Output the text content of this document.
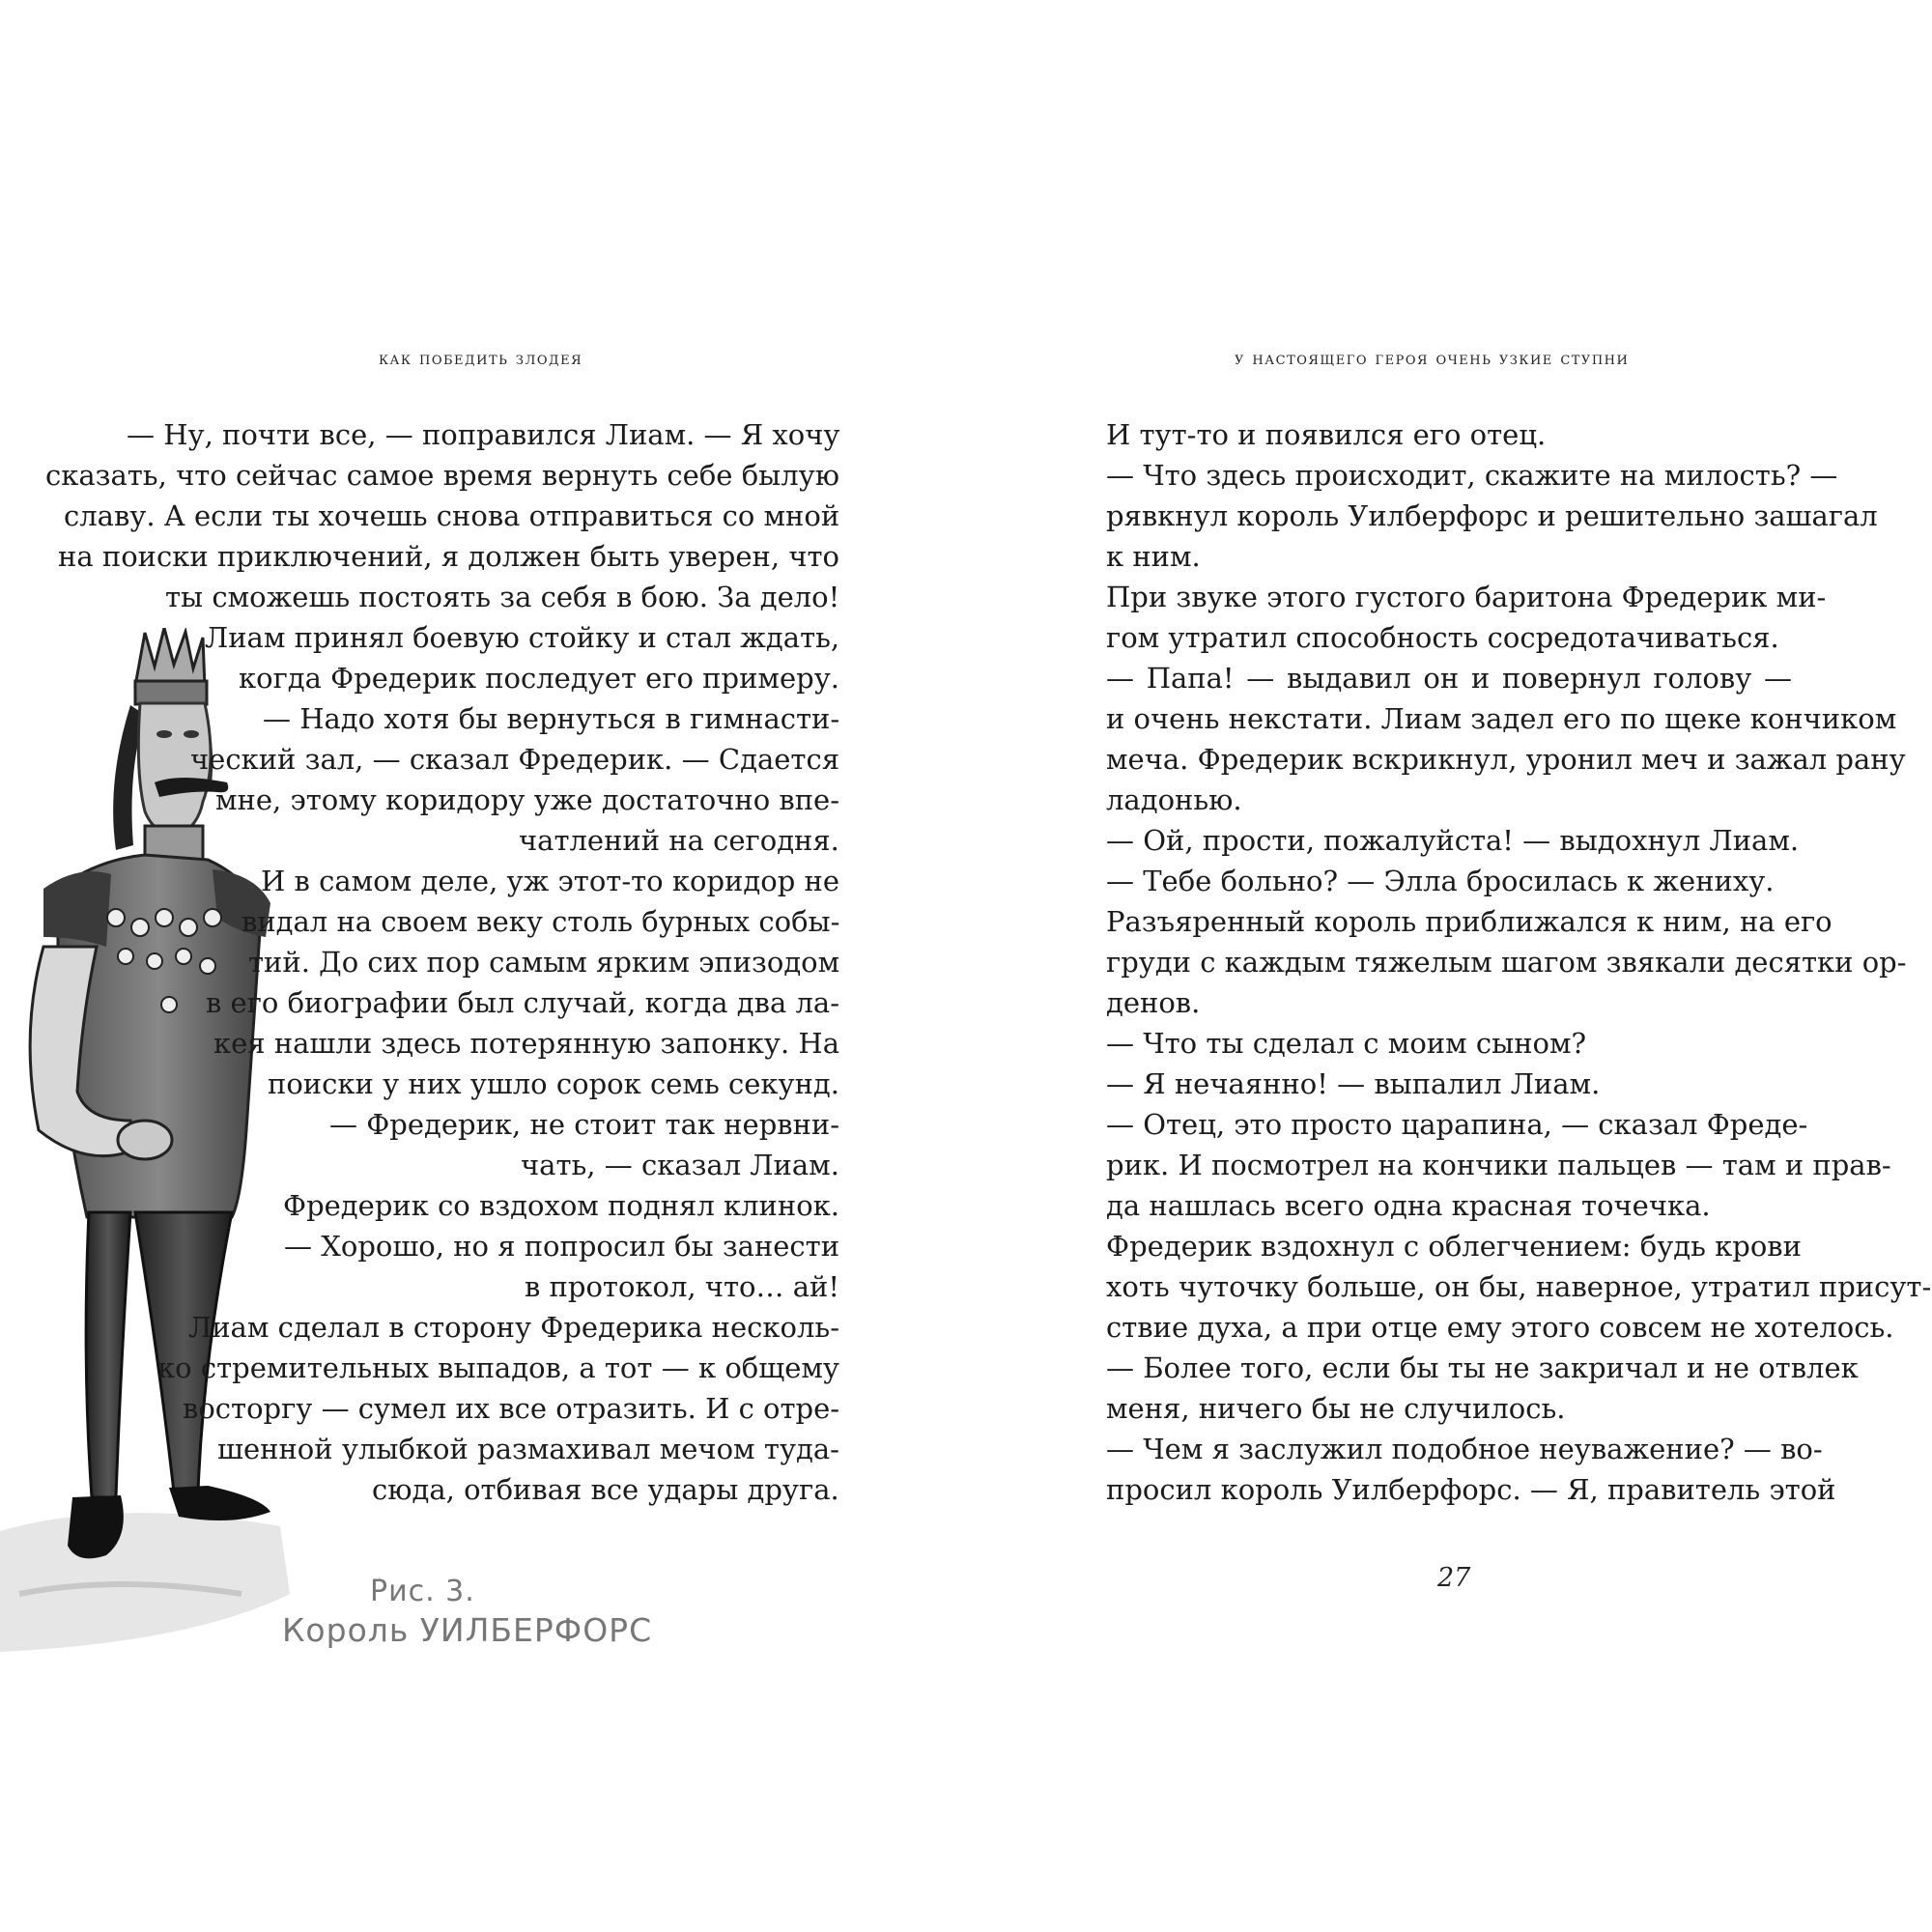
как победить злодея	у настоящего героя очень узкие ступни
— Ну, почти все, — поправился Лиам. — Я хочу
сказать, что сейчас самое время вернуть себе былую
славу. А если ты хочешь снова отправиться со мной
на поиски приключений, я должен быть уверен, что
ты сможешь постоять за себя в бою. За дело!
Лиам принял боевую стойку и стал ждать,
когда Фредерик последует его примеру.
— Надо хотя бы вернуться в гимнасти-
ческий зал, — сказал Фредерик. — Сдается
мне, этому коридору уже достаточно впе-
чатлений на сегодня.
И в самом деле, уж этот-то коридор не
видал на своем веку столь бурных собы-
тий. До сих пор самым ярким эпизодом
в его биографии был случай, когда два ла-
кея нашли здесь потерянную запонку. На
поиски у них ушло сорок семь секунд.
— Фредерик, не стоит так нервни-
чать, — сказал Лиам.
Фредерик со вздохом поднял клинок.
— Хорошо, но я попросил бы занести
в протокол, что… ай!
Лиам сделал в сторону Фредерика несколь-
ко стремительных выпадов, а тот — к общему
восторгу — сумел их все отразить. И с отре-
шенной улыбкой размахивал мечом туда-
сюда, отбивая все удары друга.
Рис. 3.
Король УИЛБЕРФОРС
И тут-то и появился его отец.
— Что здесь происходит, скажите на милость? —
рявкнул король Уилберфорс и решительно зашагал
к ним.
При звуке этого густого баритона Фредерик ми-
гом утратил способность сосредотачиваться.
— Папа! — выдавил он и повернул голову —
и очень некстати. Лиам задел его по щеке кончиком
меча. Фредерик вскрикнул, уронил меч и зажал рану
ладонью.
— Ой, прости, пожалуйста! — выдохнул Лиам.
— Тебе больно? — Элла бросилась к жениху.
Разъяренный король приближался к ним, на его
груди с каждым тяжелым шагом звякали десятки ор-
денов.
— Что ты сделал с моим сыном?
— Я нечаянно! — выпалил Лиам.
— Отец, это просто царапина, — сказал Фреде-
рик. И посмотрел на кончики пальцев — там и прав-
да нашлась всего одна красная точечка.
Фредерик вздохнул с облегчением: будь крови
хоть чуточку больше, он бы, наверное, утратил присут-
ствие духа, а при отце ему этого совсем не хотелось.
— Более того, если бы ты не закричал и не отвлек
меня, ничего бы не случилось.
— Чем я заслужил подобное неуважение? — во-
просил король Уилберфорс. — Я, правитель этой
27
